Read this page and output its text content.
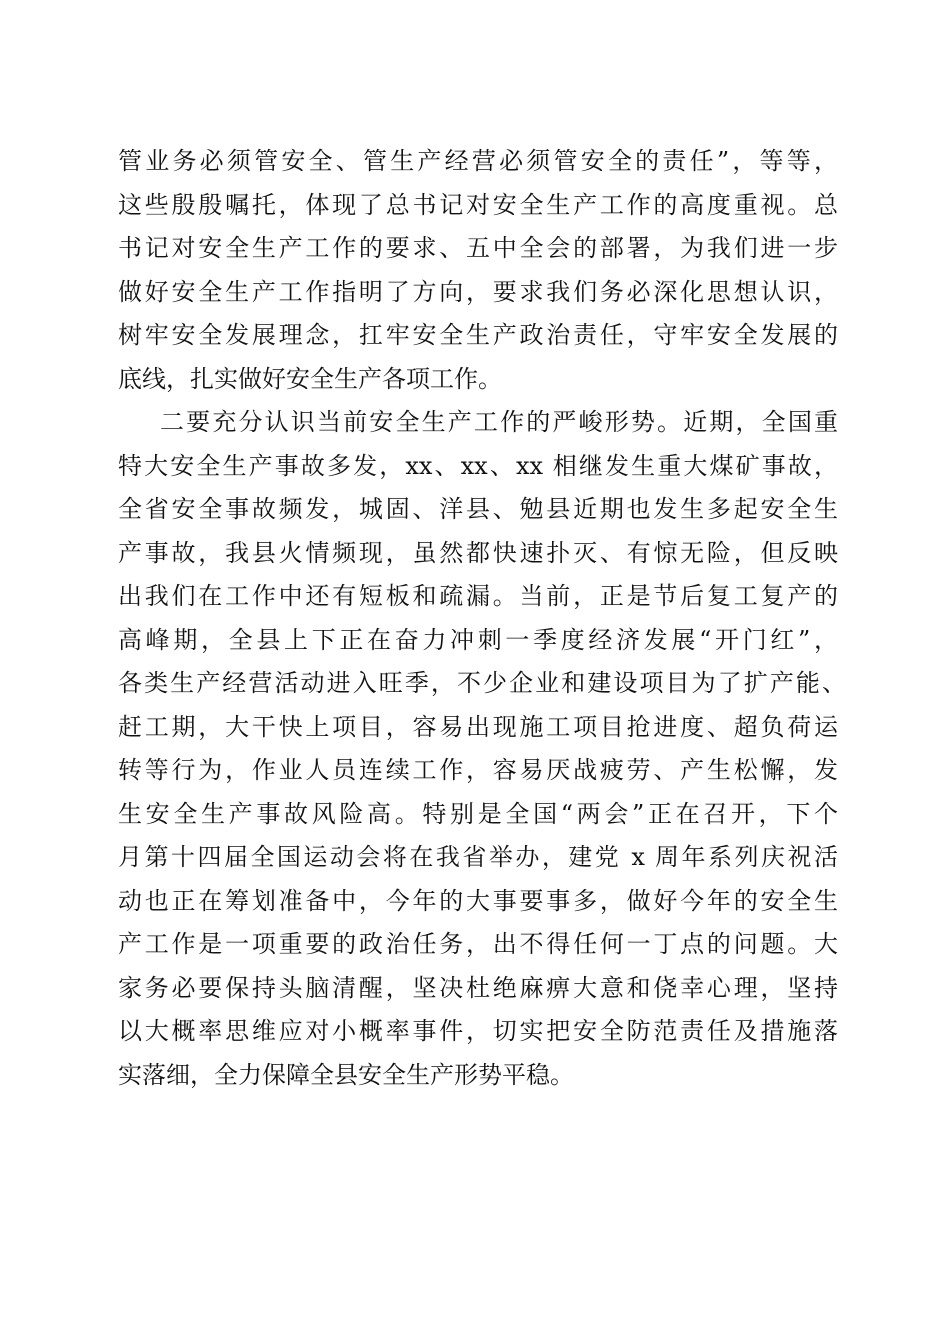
管业务必须管安全、管生产经营必须管安全的责任”，等等，
这些殷殷嘱托，体现了总书记对安全生产工作的高度重视。总
书记对安全生产工作的要求、五中全会的部署，为我们进一步
做好安全生产工作指明了方向，要求我们务必深化思想认识，
树牢安全发展理念，扛牢安全生产政治责任，守牢安全发展的
底线，扎实做好安全生产各项工作。
二要充分认识当前安全生产工作的严峻形势。近期，全国重
特大安全生产事故多发，xx、xx、xx 相继发生重大煤矿事故，
全省安全事故频发，城固、洋县、勉县近期也发生多起安全生
产事故，我县火情频现，虽然都快速扑灭、有惊无险，但反映
出我们在工作中还有短板和疏漏。当前，正是节后复工复产的
高峰期，全县上下正在奋力冲刺一季度经济发展“开门红”，
各类生产经营活动进入旺季，不少企业和建设项目为了扩产能、
赶工期，大干快上项目，容易出现施工项目抢进度、超负荷运
转等行为，作业人员连续工作，容易厌战疲劳、产生松懈，发
生安全生产事故风险高。特别是全国“两会”正在召开，下个
月第十四届全国运动会将在我省举办，建党 x 周年系列庆祝活
动也正在筹划准备中，今年的大事要事多，做好今年的安全生
产工作是一项重要的政治任务，出不得任何一丁点的问题。大
家务必要保持头脑清醒，坚决杜绝麻痹大意和侥幸心理，坚持
以大概率思维应对小概率事件，切实把安全防范责任及措施落
实落细，全力保障全县安全生产形势平稳。
